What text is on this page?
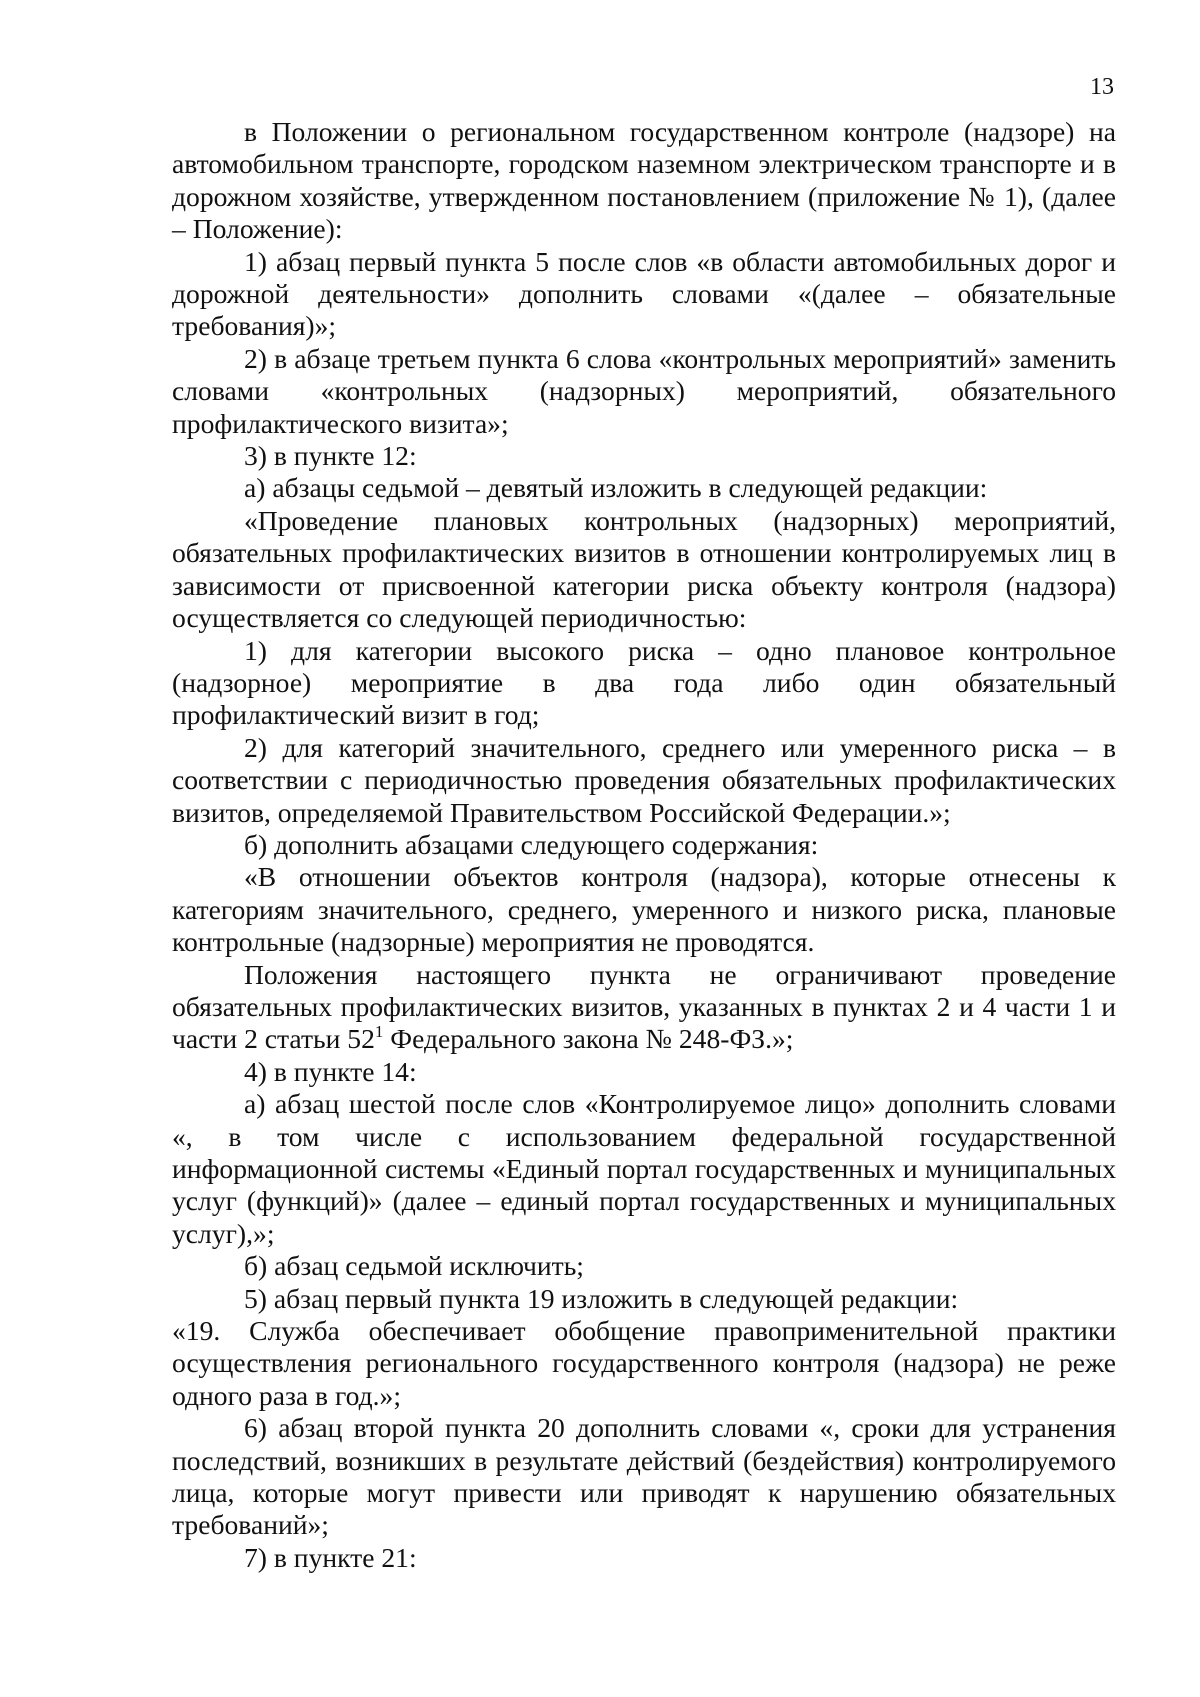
13

в Положении о региональном государственном контроле (надзоре) на автомобильном транспорте, городском наземном электрическом транспорте и в дорожном хозяйстве, утвержденном постановлением (приложение № 1), (далее – Положение):

1) абзац первый пункта 5 после слов «в области автомобильных дорог и дорожной деятельности» дополнить словами «(далее – обязательные требования)»;

2) в абзаце третьем пункта 6 слова «контрольных мероприятий» заменить словами «контрольных (надзорных) мероприятий, обязательного профилактического визита»;

3) в пункте 12:

а) абзацы седьмой – девятый изложить в следующей редакции:

«Проведение плановых контрольных (надзорных) мероприятий, обязательных профилактических визитов в отношении контролируемых лиц в зависимости от присвоенной категории риска объекту контроля (надзора) осуществляется со следующей периодичностью:

1) для категории высокого риска – одно плановое контрольное (надзорное) мероприятие в два года либо один обязательный профилактический визит в год;

2) для категорий значительного, среднего или умеренного риска – в соответствии с периодичностью проведения обязательных профилактических визитов, определяемой Правительством Российской Федерации.»;

б) дополнить абзацами следующего содержания:

«В отношении объектов контроля (надзора), которые отнесены к категориям значительного, среднего, умеренного и низкого риска, плановые контрольные (надзорные) мероприятия не проводятся.

Положения настоящего пункта не ограничивают проведение обязательных профилактических визитов, указанных в пунктах 2 и 4 части 1 и части 2 статьи $52^1$ Федерального закона № 248-ФЗ.»;

4) в пункте 14:

а) абзац шестой после слов «Контролируемое лицо» дополнить словами «, в том числе с использованием федеральной государственной информационной системы «Единый портал государственных и муниципальных услуг (функций)» (далее – единый портал государственных и муниципальных услуг),»;

б) абзац седьмой исключить;

5) абзац первый пункта 19 изложить в следующей редакции:

«19. Служба обеспечивает обобщение правоприменительной практики осуществления регионального государственного контроля (надзора) не реже одного раза в год.»;

6) абзац второй пункта 20 дополнить словами «, сроки для устранения последствий, возникших в результате действий (бездействия) контролируемого лица, которые могут привести или приводят к нарушению обязательных требований»;

7) в пункте 21:
